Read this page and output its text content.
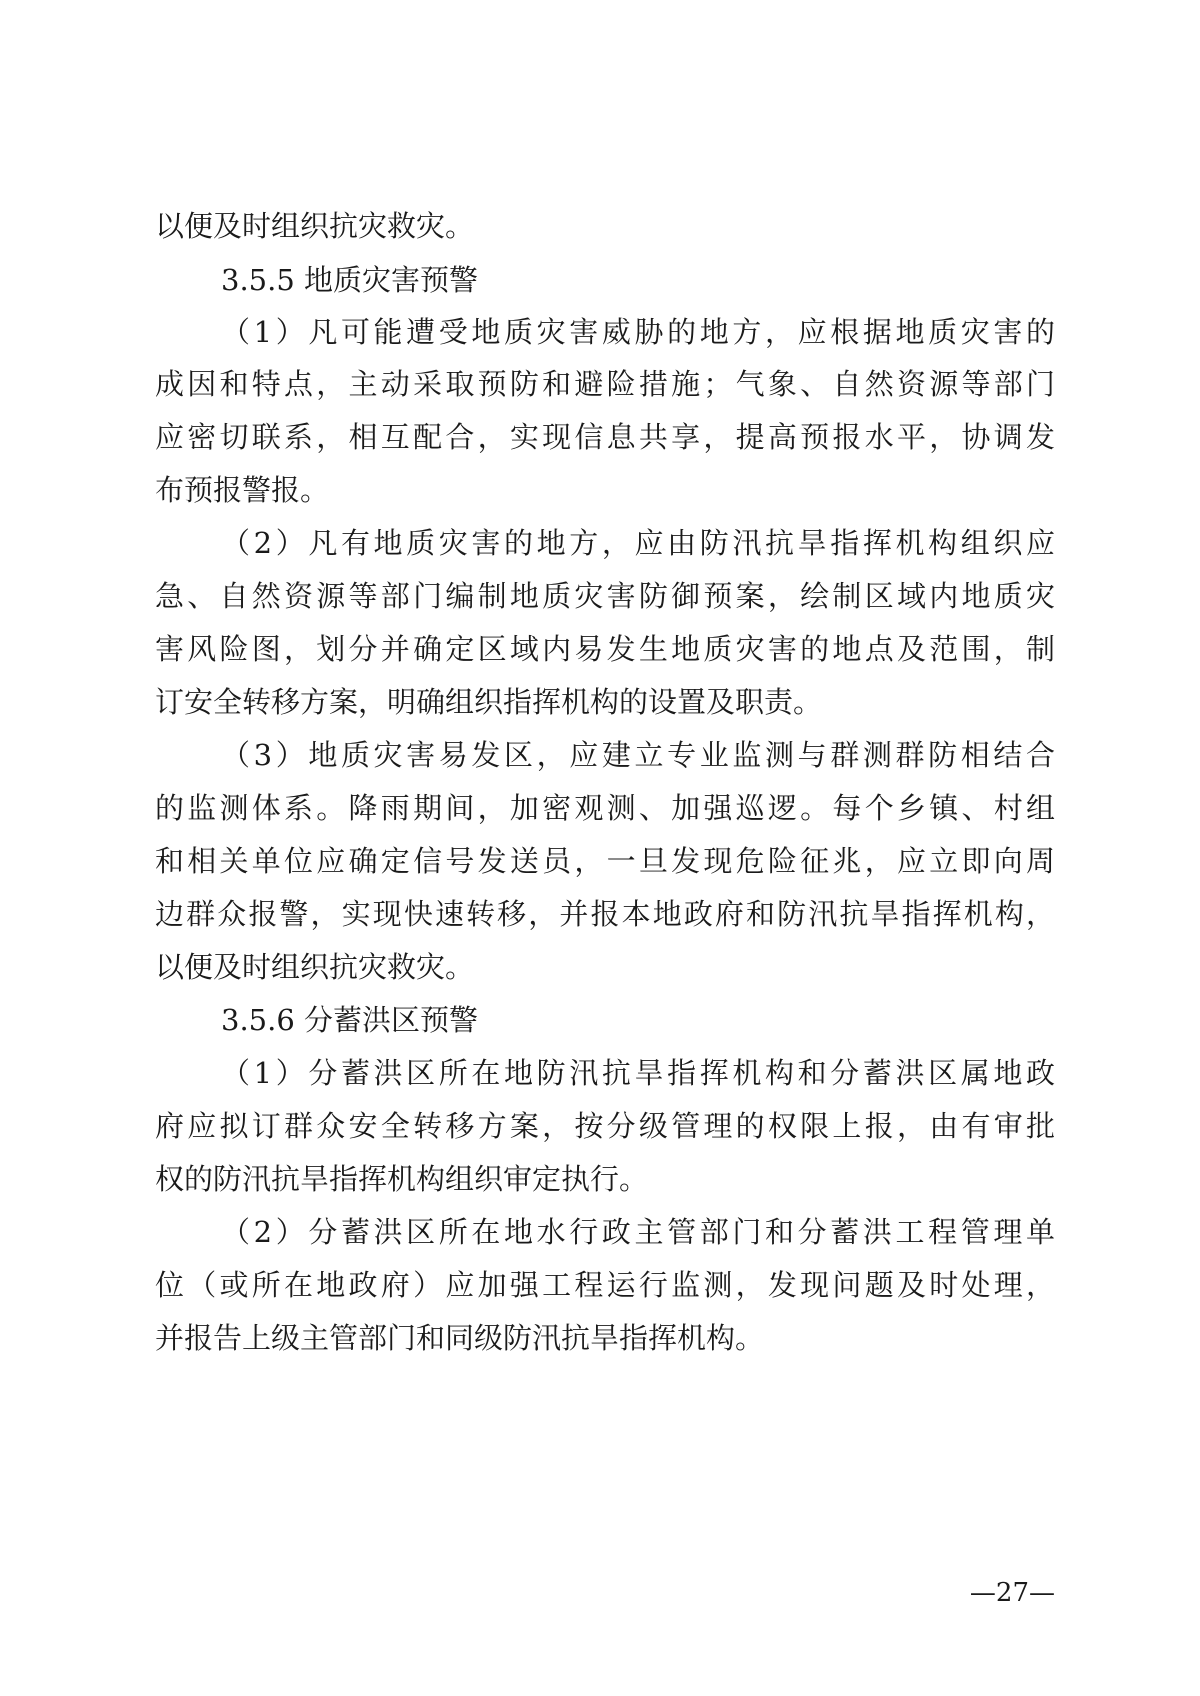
以便及时组织抗灾救灾。
3.5.5 地质灾害预警
（1）凡可能遭受地质灾害威胁的地方，应根据地质灾害的
成因和特点，主动采取预防和避险措施；气象、自然资源等部门
应密切联系，相互配合，实现信息共享，提高预报水平，协调发
布预报警报。
（2）凡有地质灾害的地方，应由防汛抗旱指挥机构组织应
急、自然资源等部门编制地质灾害防御预案，绘制区域内地质灾
害风险图，划分并确定区域内易发生地质灾害的地点及范围，制
订安全转移方案，明确组织指挥机构的设置及职责。
（3）地质灾害易发区，应建立专业监测与群测群防相结合
的监测体系。降雨期间，加密观测、加强巡逻。每个乡镇、村组
和相关单位应确定信号发送员，一旦发现危险征兆，应立即向周
边群众报警，实现快速转移，并报本地政府和防汛抗旱指挥机构，
以便及时组织抗灾救灾。
3.5.6 分蓄洪区预警
（1）分蓄洪区所在地防汛抗旱指挥机构和分蓄洪区属地政
府应拟订群众安全转移方案，按分级管理的权限上报，由有审批
权的防汛抗旱指挥机构组织审定执行。
（2）分蓄洪区所在地水行政主管部门和分蓄洪工程管理单
位（或所在地政府）应加强工程运行监测，发现问题及时处理，
并报告上级主管部门和同级防汛抗旱指挥机构。
—27—
